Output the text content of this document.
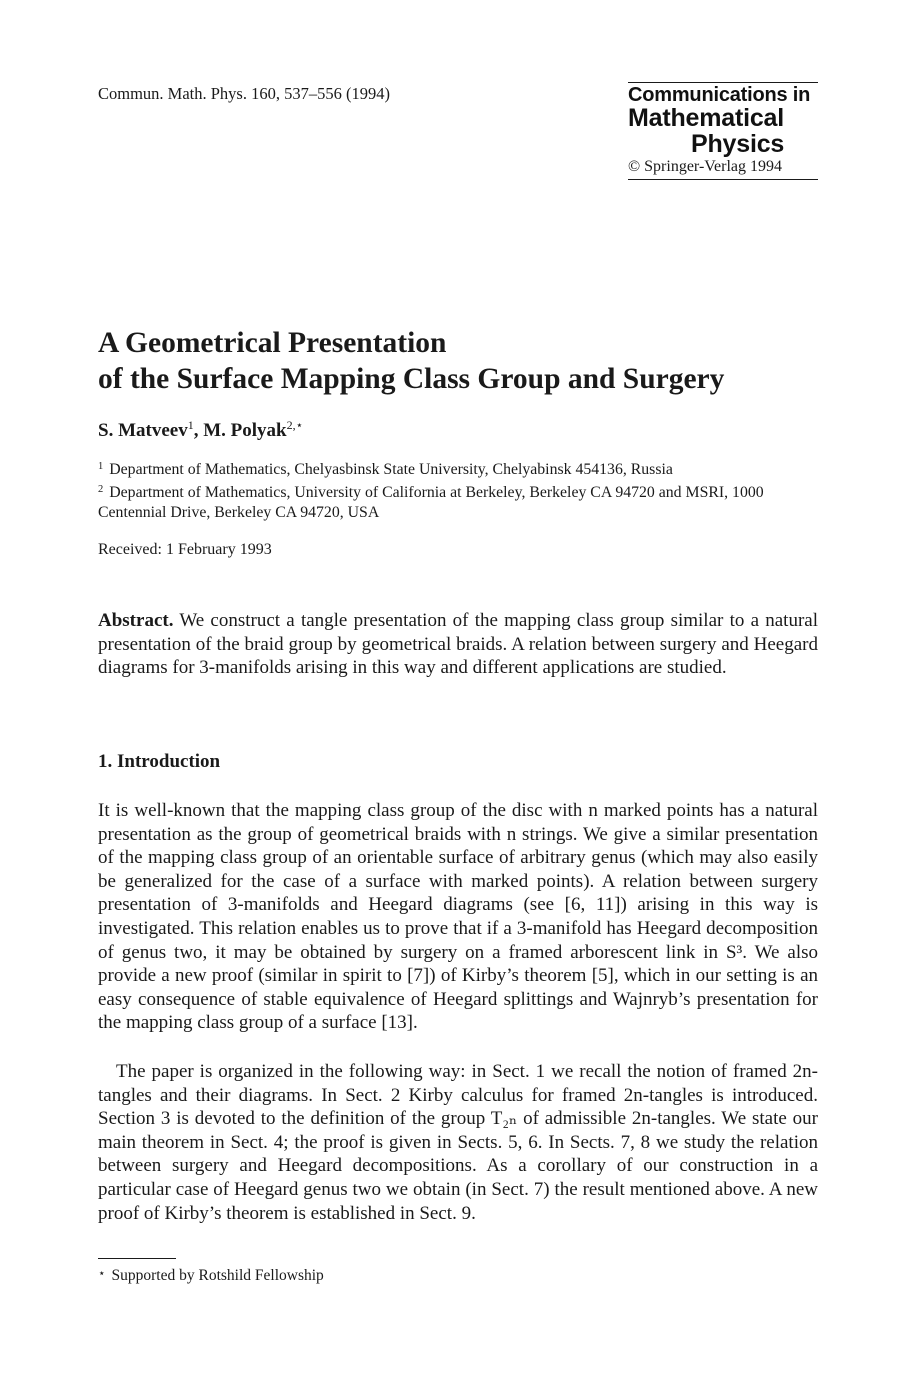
Commun. Math. Phys. 160, 537–556 (1994)	Communications in
Mathematical
Physics
© Springer-Verlag 1994
A Geometrical Presentation
of the Surface Mapping Class Group and Surgery
S. Matveev$^1$, M. Polyak$^{2,⋆}$
$^1$ Department of Mathematics, Chelyasbinsk State University, Chelyabinsk 454136, Russia
$^2$ Department of Mathematics, University of California at Berkeley, Berkeley CA 94720 and MSRI, 1000 Centennial Drive, Berkeley CA 94720, USA
Received: 1 February 1993
Abstract. We construct a tangle presentation of the mapping class group similar to a natural presentation of the braid group by geometrical braids. A relation between surgery and Heegard diagrams for 3-manifolds arising in this way and different applications are studied.
1. Introduction
It is well-known that the mapping class group of the disc with n marked points has a natural presentation as the group of geometrical braids with n strings. We give a similar presentation of the mapping class group of an orientable surface of arbitrary genus (which may also easily be generalized for the case of a surface with marked points). A relation between surgery presentation of 3-manifolds and Heegard diagrams (see [6, 11]) arising in this way is investigated. This relation enables us to prove that if a 3-manifold has Heegard decomposition of genus two, it may be obtained by surgery on a framed arborescent link in S³. We also provide a new proof (similar in spirit to [7]) of Kirby’s theorem [5], which in our setting is an easy consequence of stable equivalence of Heegard splittings and Wajnryb’s presentation for the mapping class group of a surface [13].
The paper is organized in the following way: in Sect. 1 we recall the notion of framed 2n-tangles and their diagrams. In Sect. 2 Kirby calculus for framed 2n-tangles is introduced. Section 3 is devoted to the definition of the group T₂ₙ of admissible 2n-tangles. We state our main theorem in Sect. 4; the proof is given in Sects. 5, 6. In Sects. 7, 8 we study the relation between surgery and Heegard decompositions. As a corollary of our construction in a particular case of Heegard genus two we obtain (in Sect. 7) the result mentioned above. A new proof of Kirby’s theorem is established in Sect. 9.
⋆ Supported by Rotshild Fellowship
